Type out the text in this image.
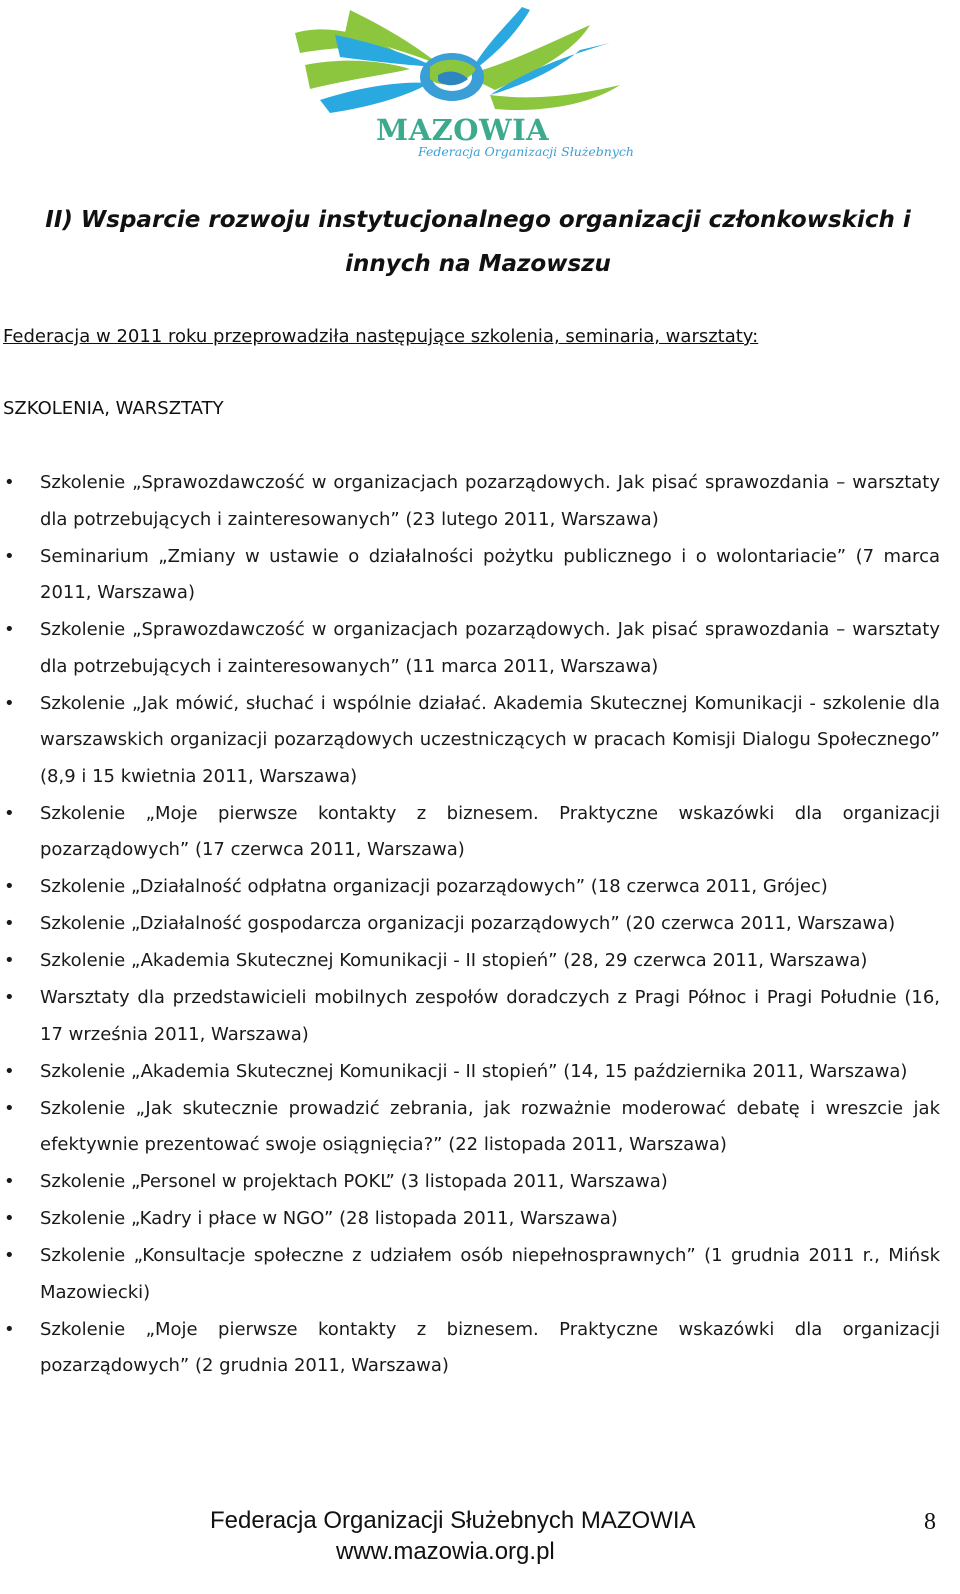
MAZOWIA
Federacja Organizacji Służebnych
II) Wsparcie rozwoju instytucjonalnego organizacji członkowskich i innych na Mazowszu

Federacja w 2011 roku przeprowadziła następujące szkolenia, seminaria, warsztaty:

SZKOLENIA, WARSZTATY

• Szkolenie „Sprawozdawczość w organizacjach pozarządowych. Jak pisać sprawozdania – warsztaty dla potrzebujących i zainteresowanych” (23 lutego 2011, Warszawa)
• Seminarium „Zmiany w ustawie o działalności pożytku publicznego i o wolontariacie” (7 marca 2011, Warszawa)
• Szkolenie „Sprawozdawczość w organizacjach pozarządowych. Jak pisać sprawozdania – warsztaty dla potrzebujących i zainteresowanych” (11 marca 2011, Warszawa)
• Szkolenie „Jak mówić, słuchać i wspólnie działać. Akademia Skutecznej Komunikacji - szkolenie dla warszawskich organizacji pozarządowych uczestniczących w pracach Komisji Dialogu Społecznego” (8,9 i 15 kwietnia 2011, Warszawa)
• Szkolenie „Moje pierwsze kontakty z biznesem. Praktyczne wskazówki dla organizacji pozarządowych” (17 czerwca 2011, Warszawa)
• Szkolenie „Działalność odpłatna organizacji pozarządowych” (18 czerwca 2011, Grójec)
• Szkolenie „Działalność gospodarcza organizacji pozarządowych” (20 czerwca 2011, Warszawa)
• Szkolenie „Akademia Skutecznej Komunikacji - II stopień” (28, 29 czerwca 2011, Warszawa)
• Warsztaty dla przedstawicieli mobilnych zespołów doradczych z Pragi Północ i Pragi Południe (16, 17 września 2011, Warszawa)
• Szkolenie „Akademia Skutecznej Komunikacji - II stopień” (14, 15 października 2011, Warszawa)
• Szkolenie „Jak skutecznie prowadzić zebrania, jak rozważnie moderować debatę i wreszcie jak efektywnie prezentować swoje osiągnięcia?” (22 listopada 2011, Warszawa)
• Szkolenie „Personel w projektach POKL” (3 listopada 2011, Warszawa)
• Szkolenie „Kadry i płace w NGO” (28 listopada 2011, Warszawa)
• Szkolenie „Konsultacje społeczne z udziałem osób niepełnosprawnych” (1 grudnia 2011 r., Mińsk Mazowiecki)
• Szkolenie „Moje pierwsze kontakty z biznesem. Praktyczne wskazówki dla organizacji pozarządowych” (2 grudnia 2011, Warszawa)
Federacja Organizacji Służebnych MAZOWIA
www.mazowia.org.pl
8
